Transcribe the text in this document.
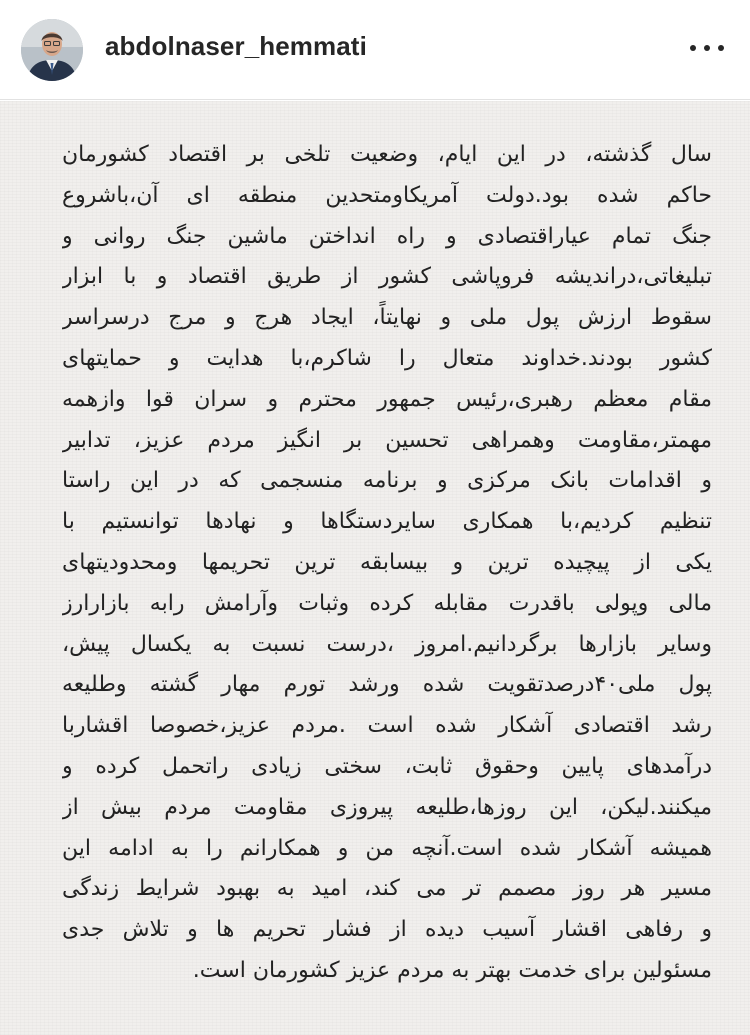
abdolnaser_hemmati
سال گذشته، در این ایام، وضعیت تلخی بر اقتصاد کشورمان
حاکم شده بود.دولت آمریکاومتحدین منطقه ای آن،باشروع
جنگ تمام عیاراقتصادی و راه انداختن ماشین جنگ روانی و
تبلیغاتی،دراندیشه فروپاشی کشور از طریق اقتصاد و با ابزار
سقوط ارزش پول ملی و نهایتاً، ایجاد هرج و مرج درسراسر
کشور بودند.خداوند متعال را شاکرم،با هدایت و حمایتهای
مقام معظم رهبری،رئیس جمهور محترم و سران قوا وازهمه
مهمتر،مقاومت وهمراهی تحسین بر انگیز مردم عزیز، تدابیر
و اقدامات بانک مرکزی و برنامه منسجمی که در این راستا
تنظیم کردیم،با همکاری سایردستگاها و نهادها توانستیم با
یکی از پیچیده ترین و بیسابقه ترین تحریمها ومحدودیتهای
مالی وپولی باقدرت مقابله کرده وثبات وآرامش رابه بازارارز
وسایر بازارها برگردانیم.امروز ،درست نسبت به یکسال پیش،
پول ملی۴۰درصدتقویت شده ورشد تورم مهار گشته وطلیعه
رشد اقتصادی آشکار شده است .مردم عزیز،خصوصا اقشاربا
درآمدهای پایین وحقوق ثابت، سختی زیادی راتحمل کرده و
میکنند.لیکن، این روزها،طلیعه پیروزی مقاومت مردم بیش از
همیشه آشکار شده است.آنچه من و همکارانم را به ادامه این
مسیر هر روز مصمم تر می کند، امید به بهبود شرایط زندگی
و رفاهی اقشار آسیب دیده از فشار تحریم ها و تلاش جدی
مسئولین برای خدمت بهتر به مردم عزیز کشورمان است.
